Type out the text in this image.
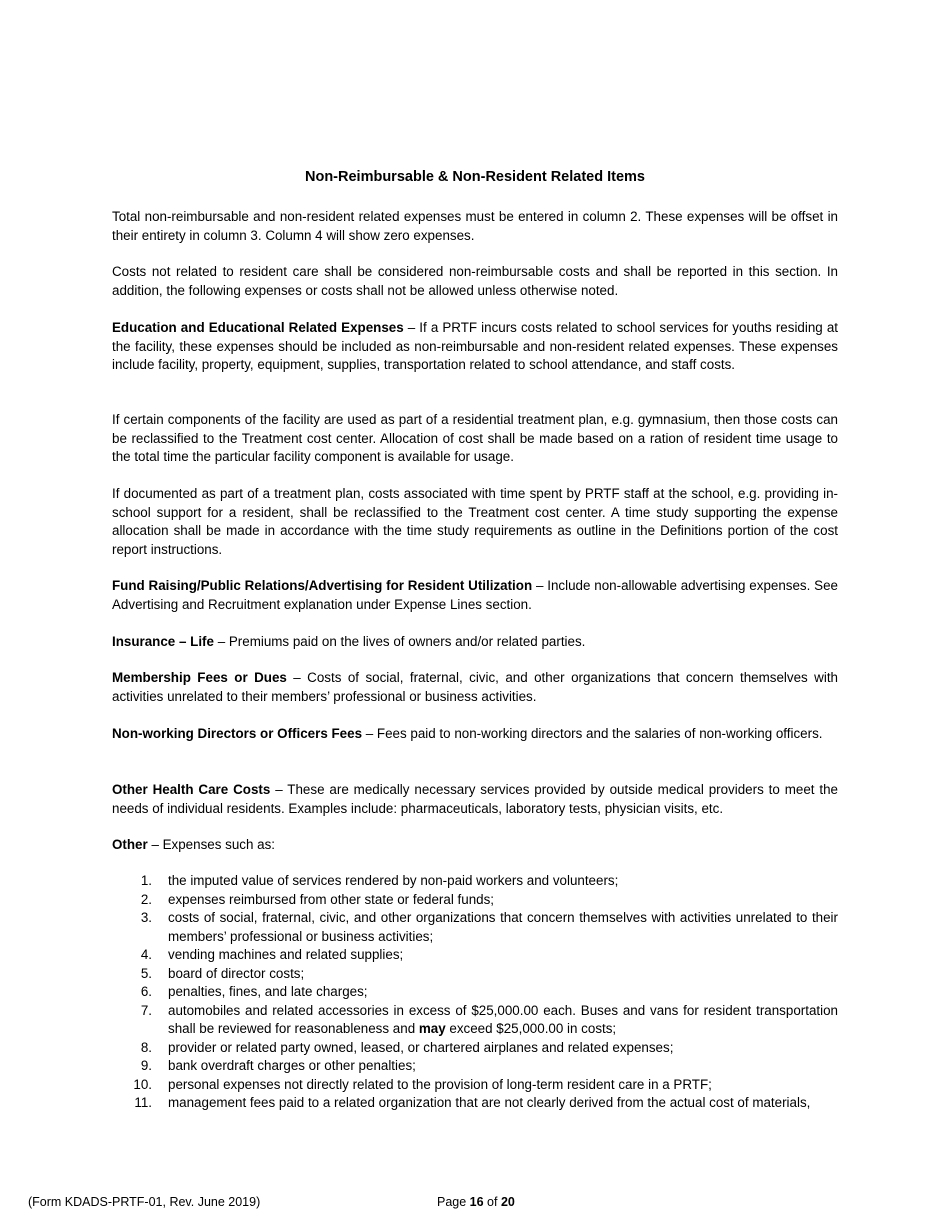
Non-Reimbursable & Non-Resident Related Items
Total non-reimbursable and non-resident related expenses must be entered in column 2. These expenses will be offset in their entirety in column 3. Column 4 will show zero expenses.
Costs not related to resident care shall be considered non-reimbursable costs and shall be reported in this section. In addition, the following expenses or costs shall not be allowed unless otherwise noted.
Education and Educational Related Expenses – If a PRTF incurs costs related to school services for youths residing at the facility, these expenses should be included as non-reimbursable and non-resident related expenses. These expenses include facility, property, equipment, supplies, transportation related to school attendance, and staff costs.
If certain components of the facility are used as part of a residential treatment plan, e.g. gymnasium, then those costs can be reclassified to the Treatment cost center. Allocation of cost shall be made based on a ration of resident time usage to the total time the particular facility component is available for usage.
If documented as part of a treatment plan, costs associated with time spent by PRTF staff at the school, e.g. providing in-school support for a resident, shall be reclassified to the Treatment cost center. A time study supporting the expense allocation shall be made in accordance with the time study requirements as outline in the Definitions portion of the cost report instructions.
Fund Raising/Public Relations/Advertising for Resident Utilization – Include non-allowable advertising expenses. See Advertising and Recruitment explanation under Expense Lines section.
Insurance – Life – Premiums paid on the lives of owners and/or related parties.
Membership Fees or Dues – Costs of social, fraternal, civic, and other organizations that concern themselves with activities unrelated to their members’ professional or business activities.
Non-working Directors or Officers Fees – Fees paid to non-working directors and the salaries of non-working officers.
Other Health Care Costs – These are medically necessary services provided by outside medical providers to meet the needs of individual residents. Examples include: pharmaceuticals, laboratory tests, physician visits, etc.
Other – Expenses such as:
1. the imputed value of services rendered by non-paid workers and volunteers;
2. expenses reimbursed from other state or federal funds;
3. costs of social, fraternal, civic, and other organizations that concern themselves with activities unrelated to their members’ professional or business activities;
4. vending machines and related supplies;
5. board of director costs;
6. penalties, fines, and late charges;
7. automobiles and related accessories in excess of $25,000.00 each. Buses and vans for resident transportation shall be reviewed for reasonableness and may exceed $25,000.00 in costs;
8. provider or related party owned, leased, or chartered airplanes and related expenses;
9. bank overdraft charges or other penalties;
10. personal expenses not directly related to the provision of long-term resident care in a PRTF;
11. management fees paid to a related organization that are not clearly derived from the actual cost of materials,
(Form KDADS-PRTF-01, Rev. June 2019)	Page 16 of 20
